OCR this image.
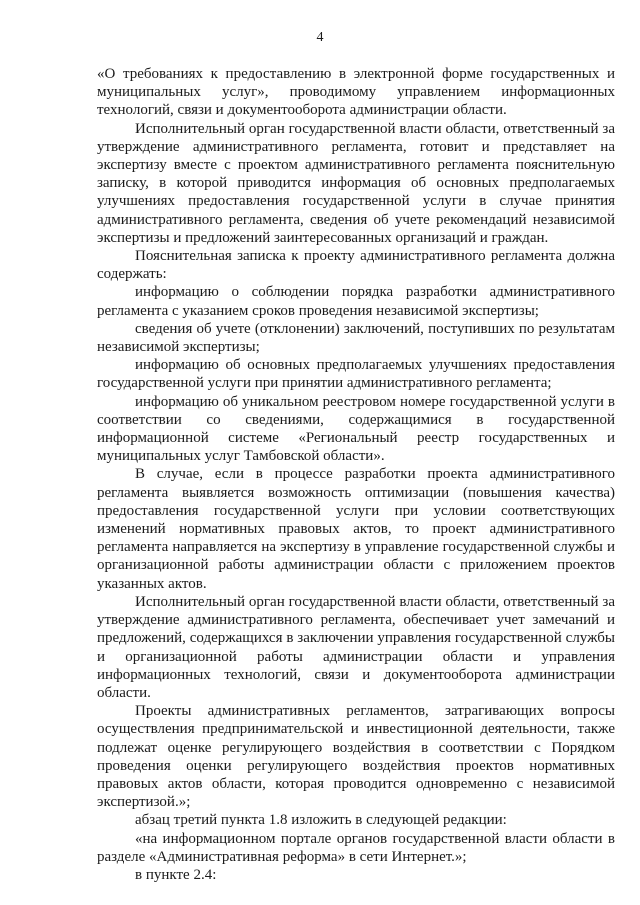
4

«О требованиях к предоставлению в электронной форме государственных и муниципальных услуг», проводимому управлением информационных технологий, связи и документооборота администрации области.

Исполнительный орган государственной власти области, ответственный за утверждение административного регламента, готовит и представляет на экспертизу вместе с проектом административного регламента пояснительную записку, в которой приводится информация об основных предполагаемых улучшениях предоставления государственной услуги в случае принятия административного регламента, сведения об учете рекомендаций независимой экспертизы и предложений заинтересованных организаций и граждан.

Пояснительная записка к проекту административного регламента должна содержать:

информацию о соблюдении порядка разработки административного регламента с указанием сроков проведения независимой экспертизы;

сведения об учете (отклонении) заключений, поступивших по результатам независимой экспертизы;

информацию об основных предполагаемых улучшениях предоставления государственной услуги при принятии административного регламента;

информацию об уникальном реестровом номере государственной услуги в соответствии со сведениями, содержащимися в государственной информационной системе «Региональный реестр государственных и муниципальных услуг Тамбовской области».

В случае, если в процессе разработки проекта административного регламента выявляется возможность оптимизации (повышения качества) предоставления государственной услуги при условии соответствующих изменений нормативных правовых актов, то проект административного регламента направляется на экспертизу в управление государственной службы и организационной работы администрации области с приложением проектов указанных актов.

Исполнительный орган государственной власти области, ответственный за утверждение административного регламента, обеспечивает учет замечаний и предложений, содержащихся в заключении управления государственной службы и организационной работы администрации области и управления информационных технологий, связи и документооборота администрации области.

Проекты административных регламентов, затрагивающих вопросы осуществления предпринимательской и инвестиционной деятельности, также подлежат оценке регулирующего воздействия в соответствии с Порядком проведения оценки регулирующего воздействия проектов нормативных правовых актов области, которая проводится одновременно с независимой экспертизой.»;

абзац третий пункта 1.8 изложить в следующей редакции:

«на информационном портале органов государственной власти области в разделе «Административная реформа» в сети Интернет.»;

в пункте 2.4:
